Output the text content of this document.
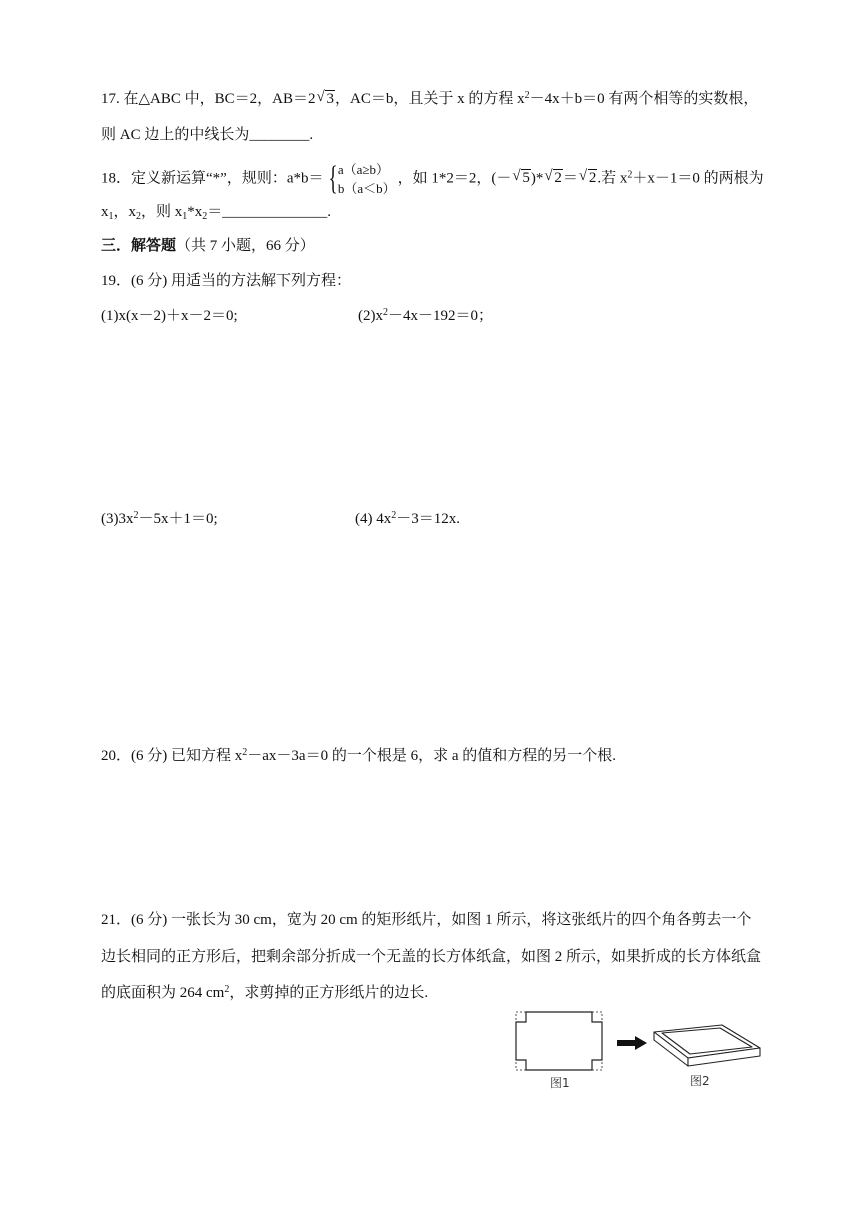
17. 在△ABC 中，BC＝2，AB＝2 √ 3，AC＝b，且关于 x 的方程 $x^2-4x+b=0$ 有两个相等的实数根，
则 AC 边上的中线长为________.
18．定义新运算“*”，规则：a*b＝ { a（a≥b）
b（a＜b）
，如 1*2＝2，(－ √ 5)* √ 2＝ √ 2.若 $x^2+x-1=0$ 的两根为
$x_1$，$x_2$，则 $x_1*x_2=\_\_\_\_\_\_\_\_\_\_\_\_\_\_$.
三．解答题（共 7 小题，66 分）
19．(6 分) 用适当的方法解下列方程：
(1)x(x－2)＋x－2＝0;	$(2)x^2-4x-192=0$；
$(3)3x^2-5x+1=0$;	(4) $4x^2-3=12x$.
20．(6 分) 已知方程 $x^2-ax-3a=0$ 的一个根是 6，求 a 的值和方程的另一个根.
21．(6 分) 一张长为 30 cm，宽为 20 cm 的矩形纸片，如图 1 所示，将这张纸片的四个角各剪去一个
边长相同的正方形后，把剩余部分折成一个无盖的长方体纸盒，如图 2 所示，如果折成的长方体纸盒
的底面积为 264 $cm^2$，求剪掉的正方形纸片的边长.
图1	图2
